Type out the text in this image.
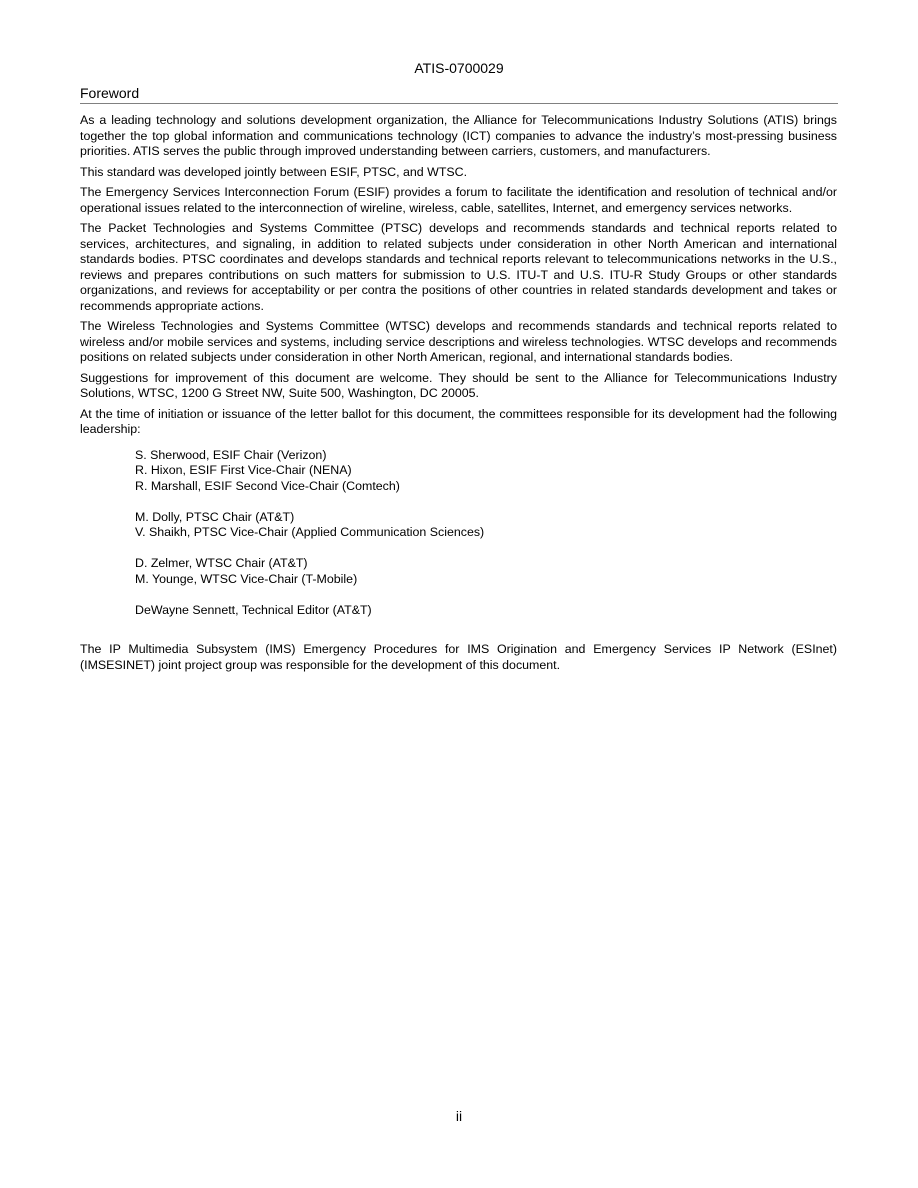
ATIS-0700029
Foreword

As a leading technology and solutions development organization, the Alliance for Telecommunications Industry Solutions (ATIS) brings together the top global information and communications technology (ICT) companies to advance the industry’s most-pressing business priorities. ATIS serves the public through improved understanding between carriers, customers, and manufacturers.

This standard was developed jointly between ESIF, PTSC, and WTSC.

The Emergency Services Interconnection Forum (ESIF) provides a forum to facilitate the identification and resolution of technical and/or operational issues related to the interconnection of wireline, wireless, cable, satellites, Internet, and emergency services networks.

The Packet Technologies and Systems Committee (PTSC) develops and recommends standards and technical reports related to services, architectures, and signaling, in addition to related subjects under consideration in other North American and international standards bodies. PTSC coordinates and develops standards and technical reports relevant to telecommunications networks in the U.S., reviews and prepares contributions on such matters for submission to U.S. ITU-T and U.S. ITU-R Study Groups or other standards organizations, and reviews for acceptability or per contra the positions of other countries in related standards development and takes or recommends appropriate actions.

The Wireless Technologies and Systems Committee (WTSC) develops and recommends standards and technical reports related to wireless and/or mobile services and systems, including service descriptions and wireless technologies. WTSC develops and recommends positions on related subjects under consideration in other North American, regional, and international standards bodies.

Suggestions for improvement of this document are welcome. They should be sent to the Alliance for Telecommunications Industry Solutions, WTSC, 1200 G Street NW, Suite 500, Washington, DC 20005.

At the time of initiation or issuance of the letter ballot for this document, the committees responsible for its development had the following leadership:

S. Sherwood, ESIF Chair (Verizon)
R. Hixon, ESIF First Vice-Chair (NENA)
R. Marshall, ESIF Second Vice-Chair (Comtech)
M. Dolly, PTSC Chair (AT&T)
V. Shaikh, PTSC Vice-Chair (Applied Communication Sciences)
D. Zelmer, WTSC Chair (AT&T)
M. Younge, WTSC Vice-Chair (T-Mobile)
DeWayne Sennett, Technical Editor (AT&T)

The IP Multimedia Subsystem (IMS) Emergency Procedures for IMS Origination and Emergency Services IP Network (ESInet) (IMSESINET) joint project group was responsible for the development of this document.

ii
